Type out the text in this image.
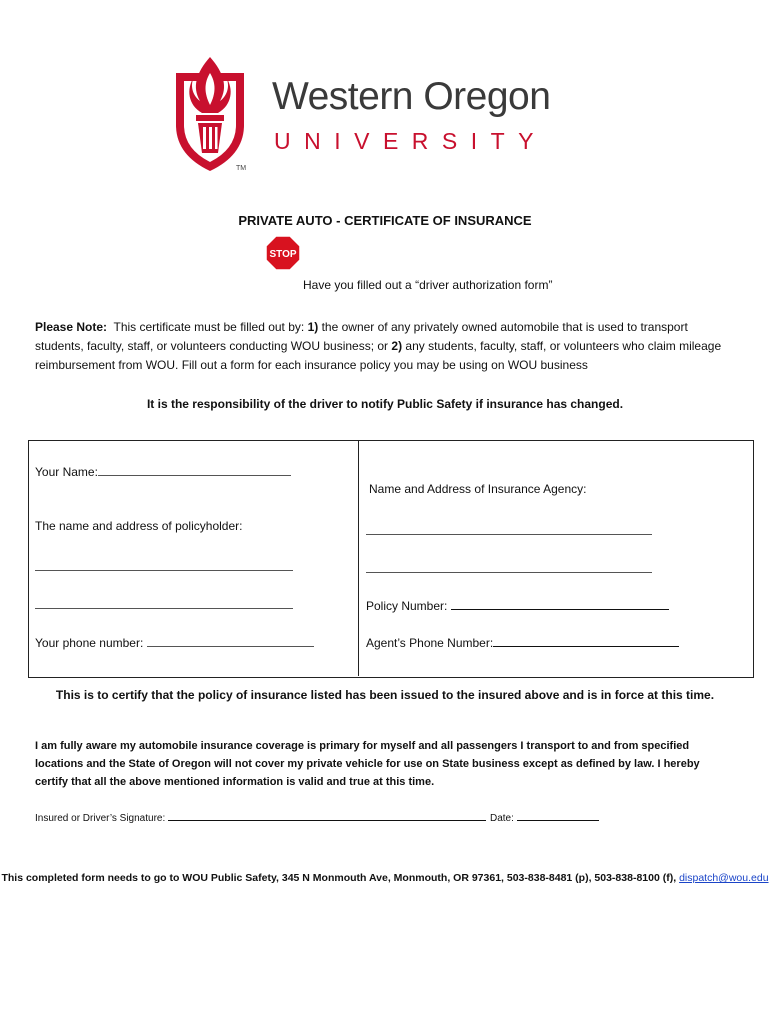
Western Oregon
UNIVERSITY
TM
PRIVATE AUTO - CERTIFICATE OF INSURANCE
STOP
Have you filled out a “driver authorization form”
Please Note: This certificate must be filled out by: 1) the owner of any privately owned automobile that is used to transport students, faculty, staff, or volunteers conducting WOU business; or 2) any students, faculty, staff, or volunteers who claim mileage reimbursement from WOU. Fill out a form for each insurance policy you may be using on WOU business
It is the responsibility of the driver to notify Public Safety if insurance has changed.
Your Name:
The name and address of policyholder:
Your phone number:
Name and Address of Insurance Agency:
Policy Number:
Agent’s Phone Number:
This is to certify that the policy of insurance listed has been issued to the insured above and is in force at this time.
I am fully aware my automobile insurance coverage is primary for myself and all passengers I transport to and from specified locations and the State of Oregon will not cover my private vehicle for use on State business except as defined by law. I hereby certify that all the above mentioned information is valid and true at this time.
Insured or Driver’s Signature:	Date:
This completed form needs to go to WOU Public Safety, 345 N Monmouth Ave, Monmouth, OR 97361, 503-838-8481 (p), 503-838-8100 (f), dispatch@wou.edu
